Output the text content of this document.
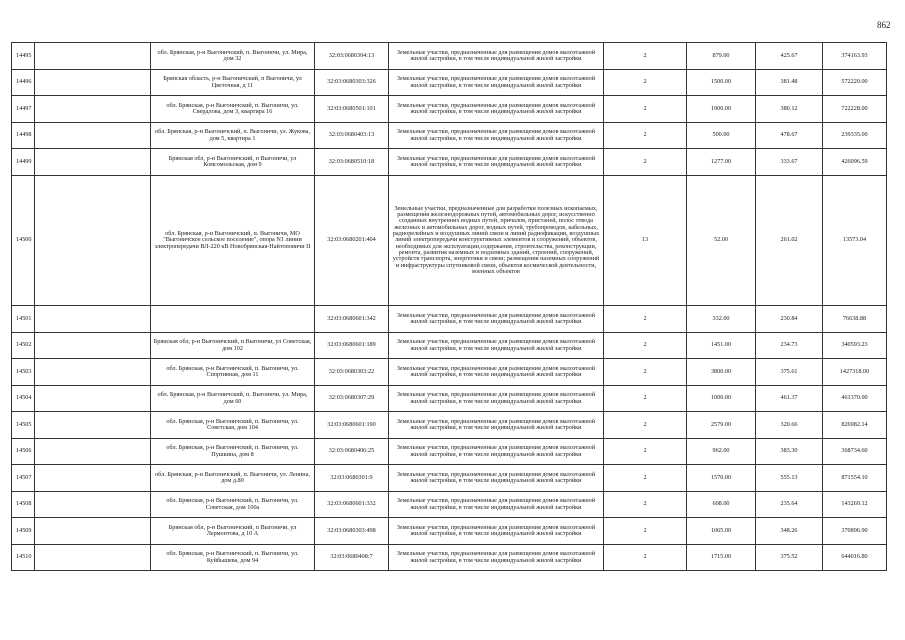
862
14495		обл. Брянская, р-н Выгоничский, п. Выгоничи, ул. Мира, дом 32	32:03:0680304:13	Земельные участки, предназначенные для размещения домов малоэтажной жилой застройки, в том числе индивидуальной жилой застройки	2	879.00	425.67	374163.93
14496		Брянская область, р-н Выгоничский, п Выгоничи, ул Цветочная, д 11	32:03:0680303:326	Земельные участки, предназначенные для размещения домов малоэтажной жилой застройки, в том числе индивидуальной жилой застройки	2	1500.00	381.48	572220.00
14497		обл. Брянская, р-н Выгоничский, п. Выгоничи, ул. Свердлова, дом 3, квартира 16	32:03:0680501:101	Земельные участки, предназначенные для размещения домов малоэтажной жилой застройки, в том числе индивидуальной жилой застройки	2	1900.00	380.12	722228.00
14498		обл. Брянская, р-н Выгоничский, п. Выгоничи, ул. Жукова, дом 5, квартира 1	32:03:0680403:13	Земельные участки, предназначенные для размещения домов малоэтажной жилой застройки, в том числе индивидуальной жилой застройки	2	500.00	478.67	239335.00
14499		Брянская обл, р-н Выгоничский, п Выгоничи, ул Комсомольская, дом 9	32:03:0680510:18	Земельные участки, предназначенные для размещения домов малоэтажной жилой застройки, в том числе индивидуальной жилой застройки	2	1277.00	333.67	426096.59
14500		обл. Брянская, р-н Выгоничский, п. Выгоничи, МО "Выгоничское сельское поселение", опора N1 линии электропередачи ВЛ-220 кВ Новобрянская-Найтоповичи II	32:03:0680201:404	Земельные участки, предназначенные для разработки полезных ископаемых, размещения железнодорожных путей, автомобильных дорог, искусственно созданных внутренних водных путей, причалов, пристаней, полос отвода железных и автомобильных дорог, водных путей, трубопроводов, кабельных, радиорелейных и воздушных линий связи и линий радиофикации, воздушных линий электропередачи конструктивных элементов и сооружений, объектов, необходимых для эксплуатации,содержания, строительства, реконструкции, ремонта, развития наземных и подземных зданий, строений, сооружений, устройств транспорта, энергетики и связи; размещения наземных сооружений и инфраструктуры спутниковой связи, объектов космической деятельности, военных объектов	13	52.00	261.02	13573.04
14501			32:03:0680601:342	Земельные участки, предназначенные для размещения домов малоэтажной жилой застройки, в том числе индивидуальной жилой застройки	2	332.00	230.84	76638.88
14502		Брянская обл, р-н Выгоничский, п Выгоничи, ул Советская, дом 102	32:03:0680601:189	Земельные участки, предназначенные для размещения домов малоэтажной жилой застройки, в том числе индивидуальной жилой застройки	2	1451.00	234.73	340593.23
14503		обл. Брянская, р-н Выгоничский, п. Выгоничи, ул. Спортивная, дом 11	32:03:0680303:22	Земельные участки, предназначенные для размещения домов малоэтажной жилой застройки, в том числе индивидуальной жилой застройки	2	3800.00	375.61	1427318.00
14504		обл. Брянская, р-н Выгоничский, п. Выгоничи, ул. Мира, дом 60	32:03:0680307:29	Земельные участки, предназначенные для размещения домов малоэтажной жилой застройки, в том числе индивидуальной жилой застройки	2	1000.00	461.37	461370.00
14505		обл. Брянская, р-н Выгоничский, п. Выгоничи, ул. Советская, дом 104	32:03:0680601:190	Земельные участки, предназначенные для размещения домов малоэтажной жилой застройки, в том числе индивидуальной жилой застройки	2	2579.00	320.66	826982.14
14506		обл. Брянская, р-н Выгоничский, п. Выгоничи, ул. Пушкина, дом 8	32:03:0680406:25	Земельные участки, предназначенные для размещения домов малоэтажной жилой застройки, в том числе индивидуальной жилой застройки	2	962.00	383.30	368734.60
14507		обл. Брянская, р-н Выгоничский, п. Выгоничи, ул. Ленина, дом д.80	32:03:0680301:9	Земельные участки, предназначенные для размещения домов малоэтажной жилой застройки, в том числе индивидуальной жилой застройки	2	1570.00	555.13	871554.10
14508		обл. Брянская, р-н Выгоничский, п. Выгоничи, ул. Советская, дом 100а	32:03:0680601:332	Земельные участки, предназначенные для размещения домов малоэтажной жилой застройки, в том числе индивидуальной жилой застройки	2	608.00	235.64	143269.12
14509		Брянская обл, р-н Выгоничский, п Выгоничи, ул Лермонтова, д 10 А	32:03:0680303:498	Земельные участки, предназначенные для размещения домов малоэтажной жилой застройки, в том числе индивидуальной жилой застройки	2	1065.00	348.26	370896.90
14510		обл. Брянская, р-н Выгоничский, п. Выгоничи, ул. Куйбышева, дом 94	32:03:0680408:7	Земельные участки, предназначенные для размещения домов малоэтажной жилой застройки, в том числе индивидуальной жилой застройки	2	1715.00	375.52	644016.80
